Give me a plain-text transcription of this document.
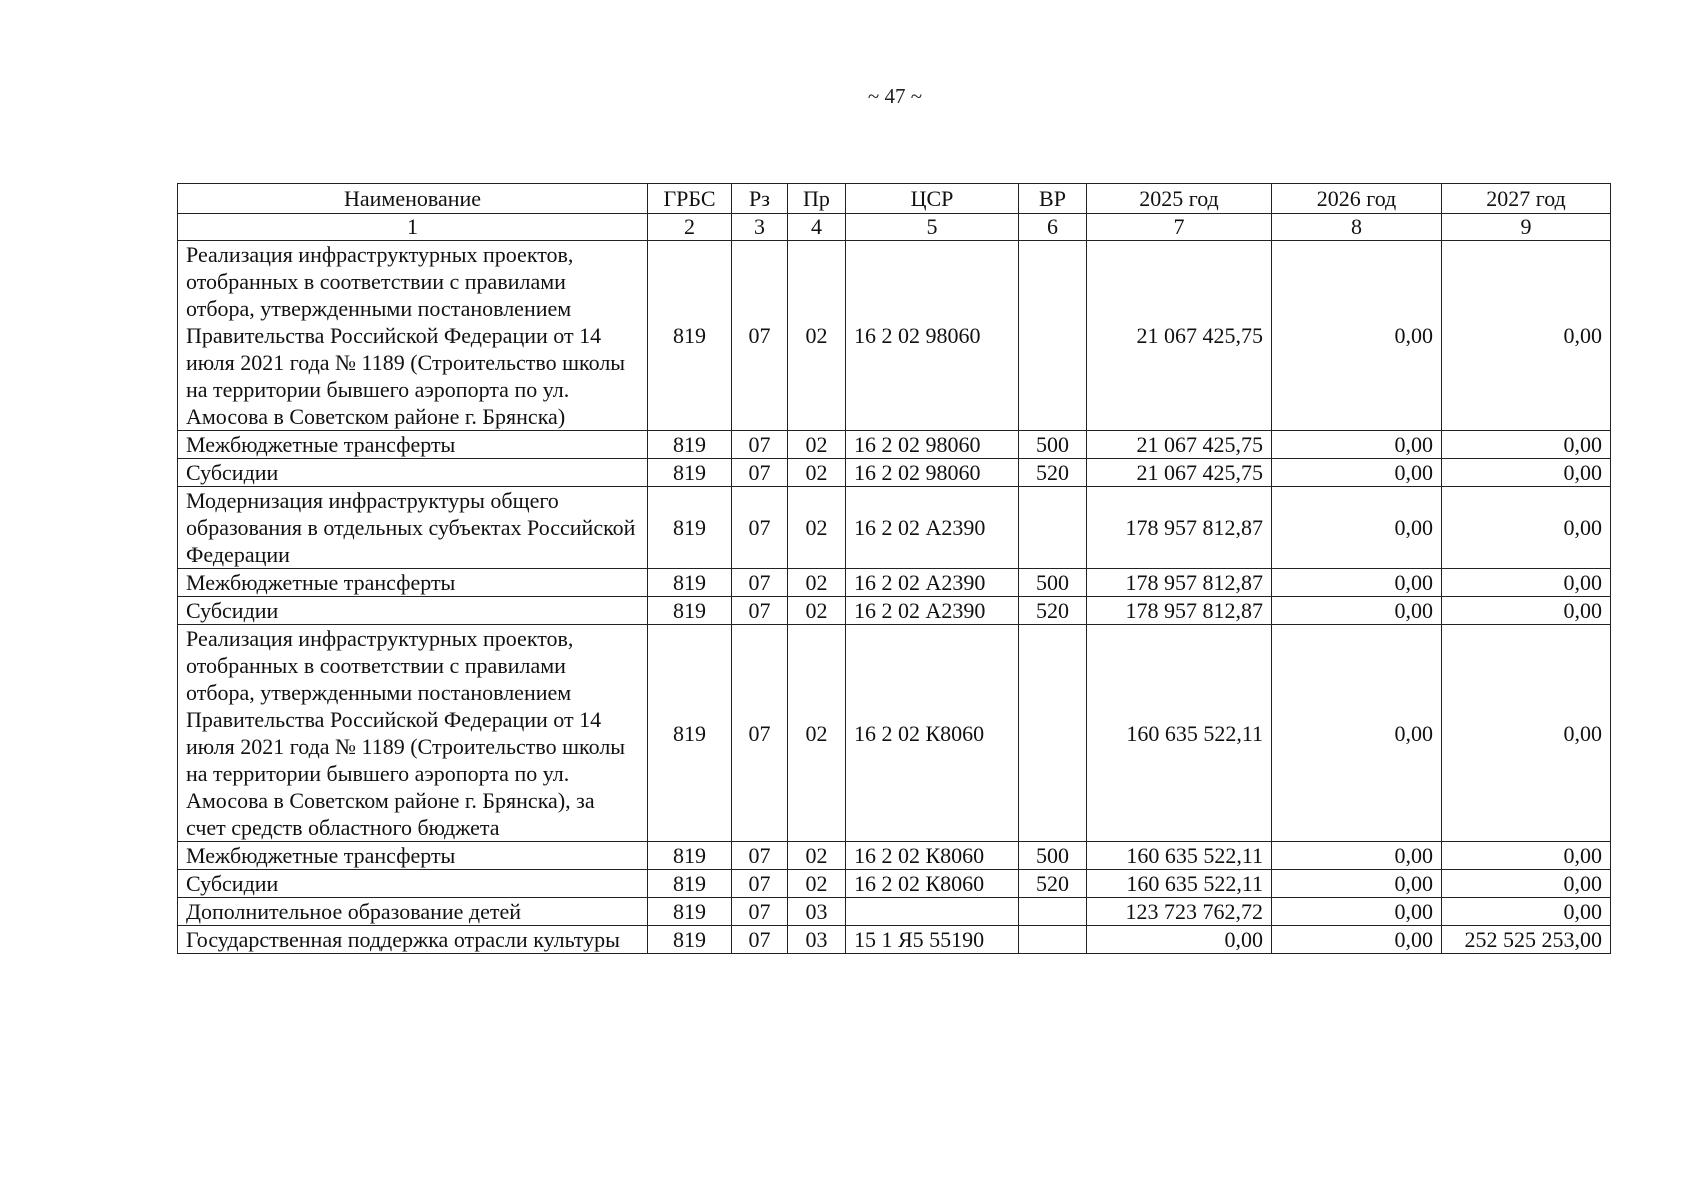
~ 47 ~
Наименование	ГРБС	Рз	Пр	ЦСР	ВР	2025 год	2026 год	2027 год
1	2	3	4	5	6	7	8	9
Реализация инфраструктурных проектов, отобранных в соответствии с правилами отбора, утвержденными постановлением Правительства Российской Федерации от 14 июля 2021 года № 1189 (Строительство школы на территории бывшего аэропорта по ул. Амосова в Советском районе г. Брянска)	819	07	02	16 2 02 98060		21 067 425,75	0,00	0,00
Межбюджетные трансферты	819	07	02	16 2 02 98060	500	21 067 425,75	0,00	0,00
Субсидии	819	07	02	16 2 02 98060	520	21 067 425,75	0,00	0,00
Модернизация инфраструктуры общего образования в отдельных субъектах Российской Федерации	819	07	02	16 2 02 А2390		178 957 812,87	0,00	0,00
Межбюджетные трансферты	819	07	02	16 2 02 А2390	500	178 957 812,87	0,00	0,00
Субсидии	819	07	02	16 2 02 А2390	520	178 957 812,87	0,00	0,00
Реализация инфраструктурных проектов, отобранных в соответствии с правилами отбора, утвержденными постановлением Правительства Российской Федерации от 14 июля 2021 года № 1189 (Строительство школы на территории бывшего аэропорта по ул. Амосова в Советском районе г. Брянска), за счет средств областного бюджета	819	07	02	16 2 02 К8060		160 635 522,11	0,00	0,00
Межбюджетные трансферты	819	07	02	16 2 02 К8060	500	160 635 522,11	0,00	0,00
Субсидии	819	07	02	16 2 02 К8060	520	160 635 522,11	0,00	0,00
Дополнительное образование детей	819	07	03			123 723 762,72	0,00	0,00
Государственная поддержка отрасли культуры	819	07	03	15 1 Я5 55190		0,00	0,00	252 525 253,00
